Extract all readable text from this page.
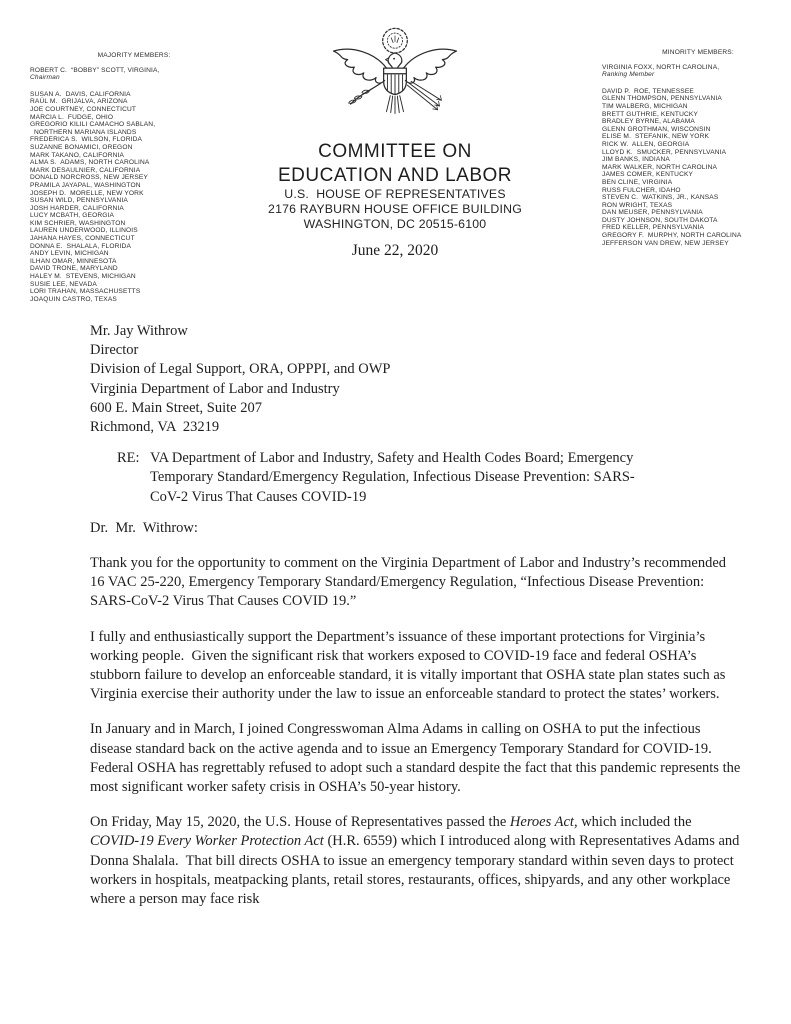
MAJORITY MEMBERS:
ROBERT C.  “BOBBY” SCOTT, VIRGINIA,
Chairman
SUSAN A.  DAVIS, CALIFORNIA
RAÚL M.  GRIJALVA, ARIZONA
JOE COURTNEY, CONNECTICUT
MARCIA L.  FUDGE, OHIO
GREGORIO KILILI CAMACHO SABLAN,
NORTHERN MARIANA ISLANDS
FREDERICA S.  WILSON, FLORIDA
SUZANNE BONAMICI, OREGON
MARK TAKANO, CALIFORNIA
ALMA S.  ADAMS, NORTH CAROLINA
MARK DESAULNIER, CALIFORNIA
DONALD NORCROSS, NEW JERSEY
PRAMILA JAYAPAL, WASHINGTON
JOSEPH D.  MORELLE, NEW YORK
SUSAN WILD, PENNSYLVANIA
JOSH HARDER, CALIFORNIA
LUCY MCBATH, GEORGIA
KIM SCHRIER, WASHINGTON
LAUREN UNDERWOOD, ILLINOIS
JAHANA HAYES, CONNECTICUT
DONNA E.  SHALALA, FLORIDA
ANDY LEVIN, MICHIGAN
ILHAN OMAR, MINNESOTA
DAVID TRONE, MARYLAND
HALEY M.  STEVENS, MICHIGAN
SUSIE LEE, NEVADA
LORI TRAHAN, MASSACHUSETTS
JOAQUIN CASTRO, TEXAS
MINORITY MEMBERS:
VIRGINIA FOXX, NORTH CAROLINA,
Ranking Member
DAVID P.  ROE, TENNESSEE
GLENN THOMPSON, PENNSYLVANIA
TIM WALBERG, MICHIGAN
BRETT GUTHRIE, KENTUCKY
BRADLEY BYRNE, ALABAMA
GLENN GROTHMAN, WISCONSIN
ELISE M.  STEFANIK, NEW YORK
RICK W.  ALLEN, GEORGIA
LLOYD K.  SMUCKER, PENNSYLVANIA
JIM BANKS, INDIANA
MARK WALKER, NORTH CAROLINA
JAMES COMER, KENTUCKY
BEN CLINE, VIRGINIA
RUSS FULCHER, IDAHO
STEVEN C.  WATKINS, JR., KANSAS
RON WRIGHT, TEXAS
DAN MEUSER, PENNSYLVANIA
DUSTY JOHNSON, SOUTH DAKOTA
FRED KELLER, PENNSYLVANIA
GREGORY F.  MURPHY, NORTH CAROLINA
JEFFERSON VAN DREW, NEW JERSEY
COMMITTEE ON
EDUCATION AND LABOR
U.S.  HOUSE OF REPRESENTATIVES
2176 RAYBURN HOUSE OFFICE BUILDING
WASHINGTON, DC 20515-6100
June 22, 2020
Mr. Jay Withrow
Director
Division of Legal Support, ORA, OPPPI, and OWP
Virginia Department of Labor and Industry
600 E. Main Street, Suite 207
Richmond, VA  23219
RE: VA Department of Labor and Industry, Safety and Health Codes Board; Emergency
Temporary Standard/Emergency Regulation, Infectious Disease Prevention: SARS-
CoV-2 Virus That Causes COVID-19
Dr.  Mr.  Withrow:

Thank you for the opportunity to comment on the Virginia Department of Labor and Industry’s recommended 16 VAC 25-220, Emergency Temporary Standard/Emergency Regulation, “Infectious Disease Prevention: SARS-CoV-2 Virus That Causes COVID 19.”

I fully and enthusiastically support the Department’s issuance of these important protections for Virginia’s working people.  Given the significant risk that workers exposed to COVID-19 face and federal OSHA’s stubborn failure to develop an enforceable standard, it is vitally important that OSHA state plan states such as Virginia exercise their authority under the law to issue an enforceable standard to protect the states’ workers.

In January and in March, I joined Congresswoman Alma Adams in calling on OSHA to put the infectious disease standard back on the active agenda and to issue an Emergency Temporary Standard for COVID-19.  Federal OSHA has regrettably refused to adopt such a standard despite the fact that this pandemic represents the most significant worker safety crisis in OSHA’s 50-year history.

On Friday, May 15, 2020, the U.S. House of Representatives passed the Heroes Act, which included the COVID-19 Every Worker Protection Act (H.R. 6559) which I introduced along with Representatives Adams and Donna Shalala.  That bill directs OSHA to issue an emergency temporary standard within seven days to protect workers in hospitals, meatpacking plants, retail stores, restaurants, offices, shipyards, and any other workplace where a person may face risk
